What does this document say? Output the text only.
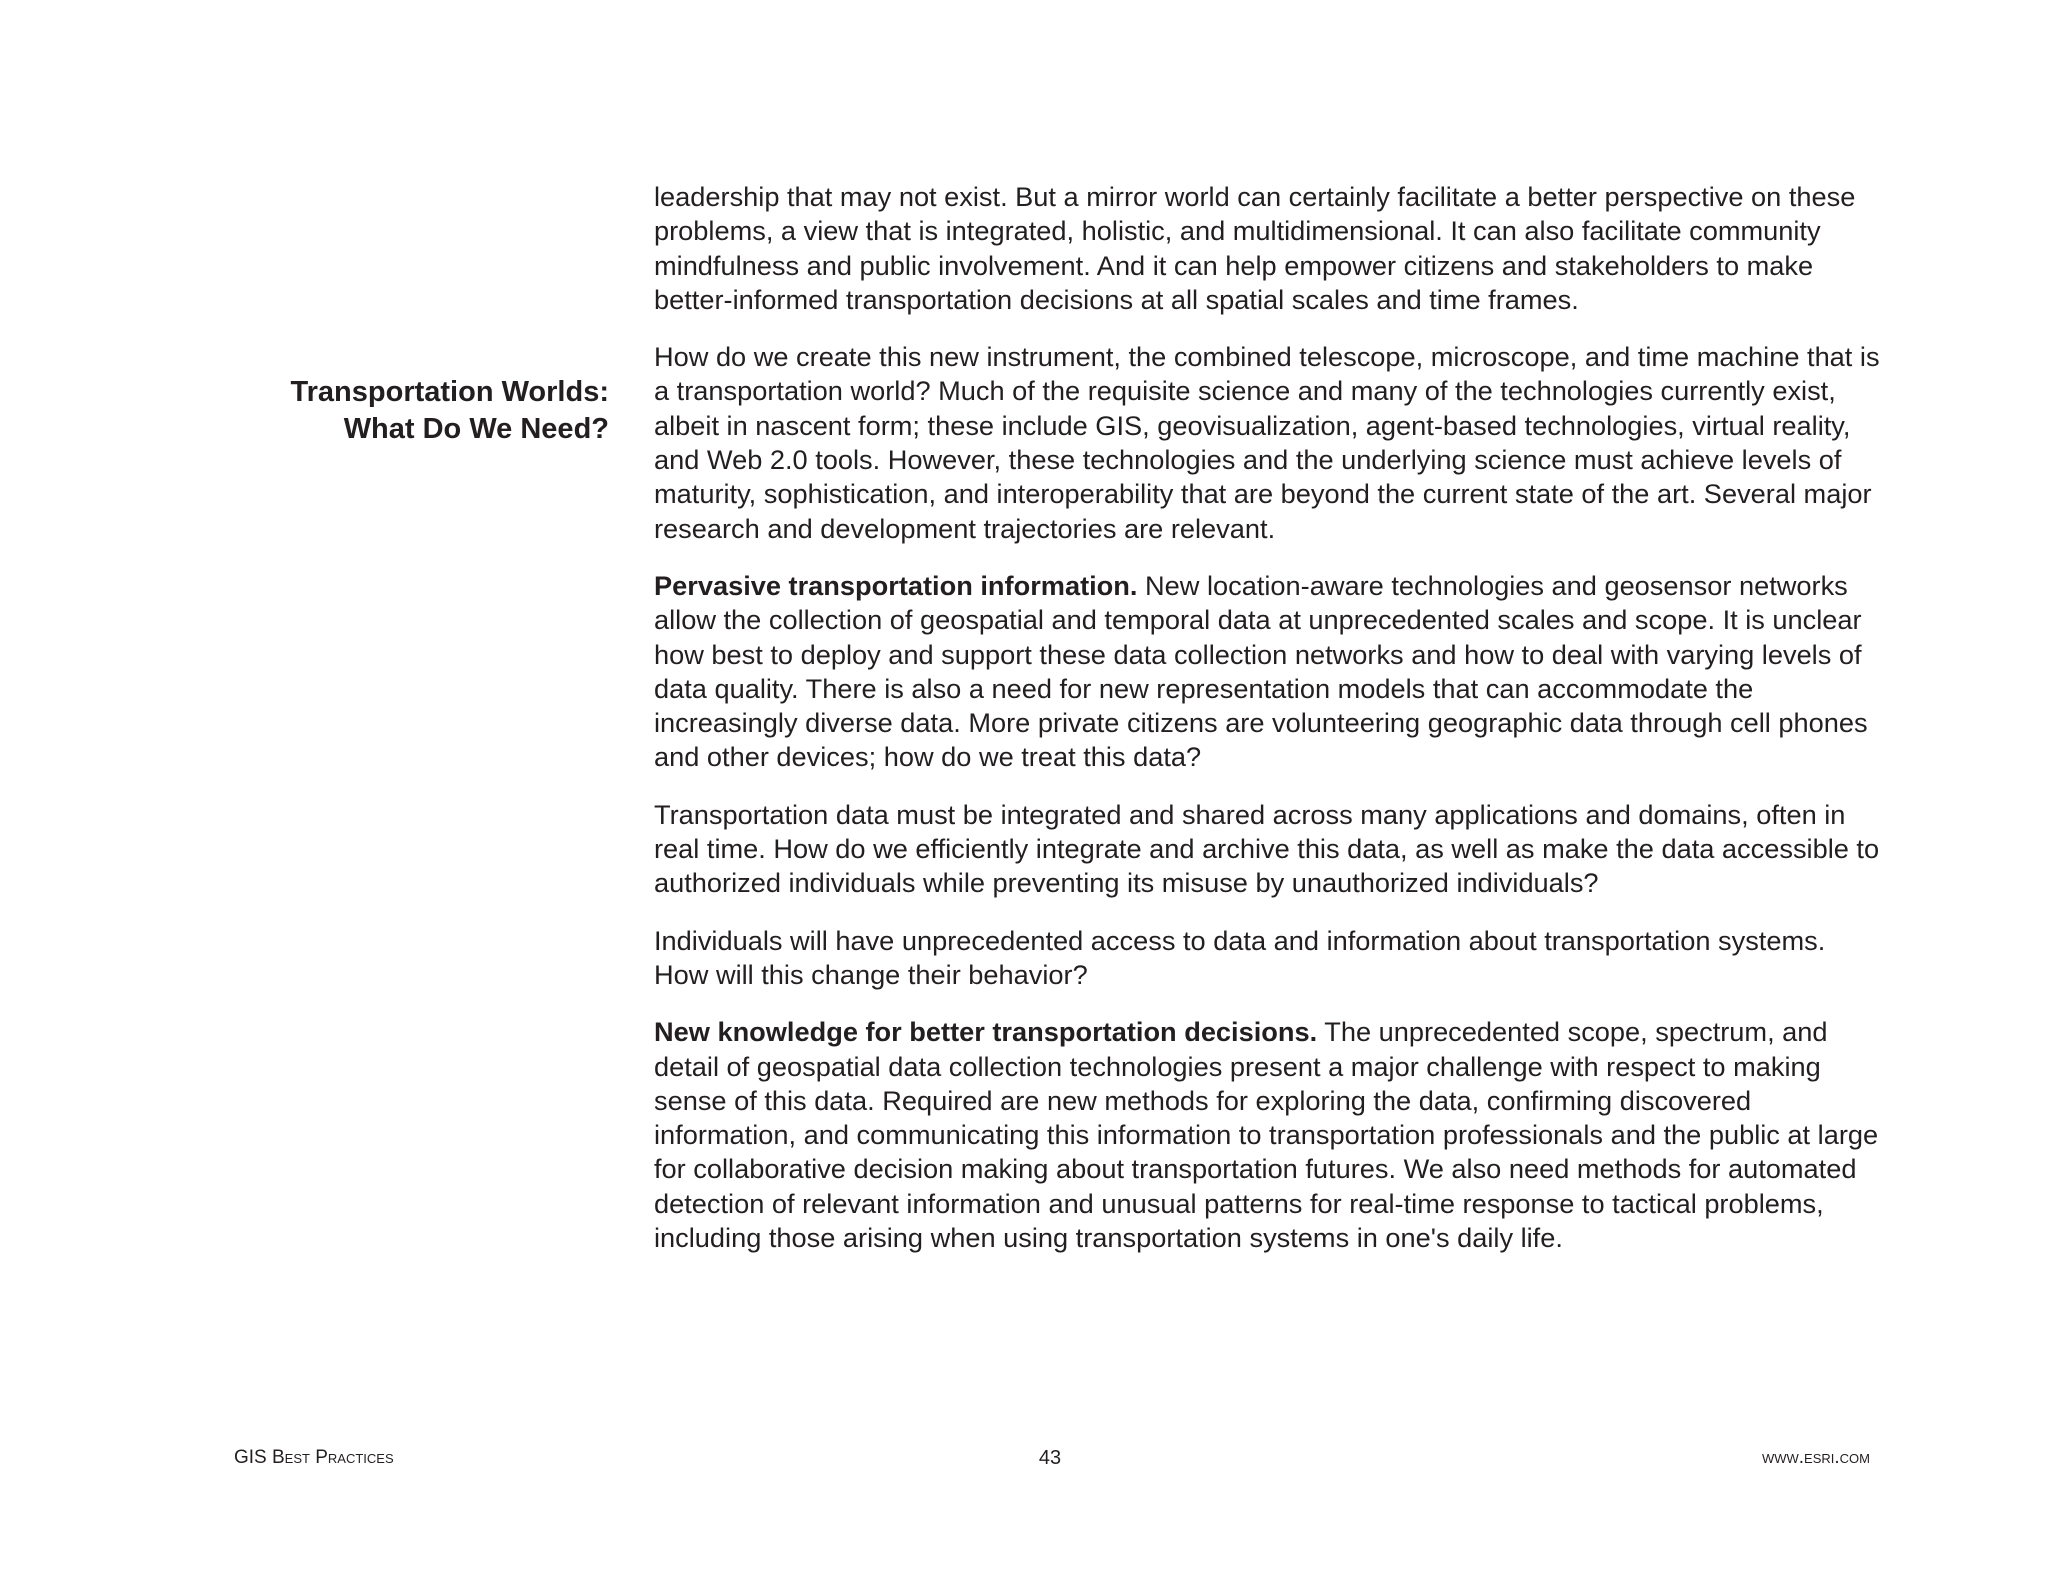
Transportation Worlds:
What Do We Need?

leadership that may not exist. But a mirror world can certainly facilitate a better perspective on these problems, a view that is integrated, holistic, and multidimensional. It can also facilitate community mindfulness and public involvement. And it can help empower citizens and stakeholders to make better-informed transportation decisions at all spatial scales and time frames.

How do we create this new instrument, the combined telescope, microscope, and time machine that is a transportation world? Much of the requisite science and many of the technologies currently exist, albeit in nascent form; these include GIS, geovisualization, agent-based technologies, virtual reality, and Web 2.0 tools. However, these technologies and the underlying science must achieve levels of maturity, sophistication, and interoperability that are beyond the current state of the art. Several major research and development trajectories are relevant.

Pervasive transportation information. New location-aware technologies and geosensor networks allow the collection of geospatial and temporal data at unprecedented scales and scope. It is unclear how best to deploy and support these data collection networks and how to deal with varying levels of data quality. There is also a need for new representation models that can accommodate the increasingly diverse data. More private citizens are volunteering geographic data through cell phones and other devices; how do we treat this data?

Transportation data must be integrated and shared across many applications and domains, often in real time. How do we efficiently integrate and archive this data, as well as make the data accessible to authorized individuals while preventing its misuse by unauthorized individuals?

Individuals will have unprecedented access to data and information about transportation systems. How will this change their behavior?

New knowledge for better transportation decisions. The unprecedented scope, spectrum, and detail of geospatial data collection technologies present a major challenge with respect to making sense of this data. Required are new methods for exploring the data, confirming discovered information, and communicating this information to transportation professionals and the public at large for collaborative decision making about transportation futures. We also need methods for automated detection of relevant information and unusual patterns for real-time response to tactical problems, including those arising when using transportation systems in one's daily life.

GIS Best Practices	43	www.esri.com
